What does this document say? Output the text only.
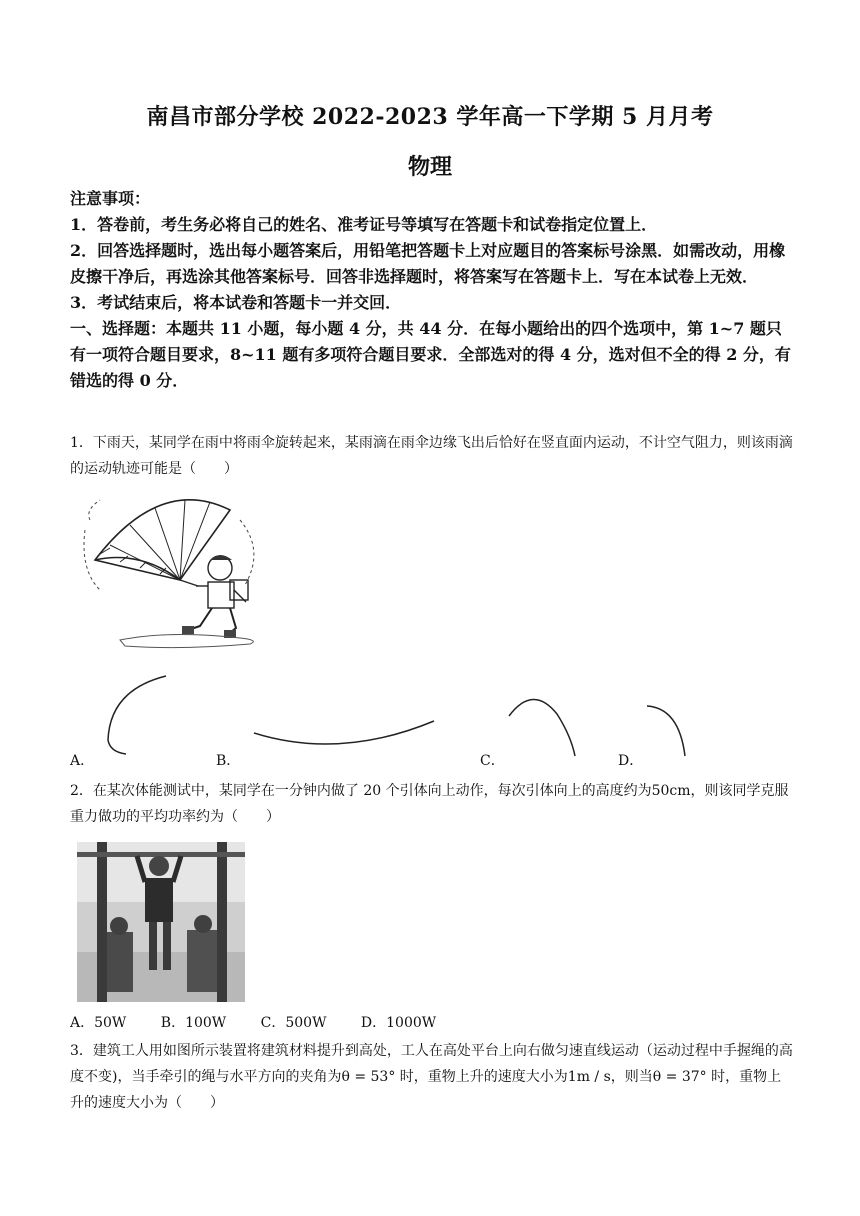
南昌市部分学校 2022-2023 学年高一下学期 5 月月考
物理

注意事项：

1．答卷前，考生务必将自己的姓名、准考证号等填写在答题卡和试卷指定位置上．

2．回答选择题时，选出每小题答案后，用铅笔把答题卡上对应题目的答案标号涂黑．如需改动，用橡皮擦干净后，再选涂其他答案标号．回答非选择题时，将答案写在答题卡上．写在本试卷上无效．

3．考试结束后，将本试卷和答题卡一并交回．

一、选择题：本题共 11 小题，每小题 4 分，共 44 分．在每小题给出的四个选项中，第 1~7 题只有一项符合题目要求，8~11 题有多项符合题目要求．全部选对的得 4 分，选对但不全的得 2 分，有错选的得 0 分．

1．下雨天，某同学在雨中将雨伞旋转起来，某雨滴在雨伞边缘飞出后恰好在竖直面内运动，不计空气阻力，则该雨滴的运动轨迹可能是（　　）

A．	B．	C．	D．

2．在某次体能测试中，某同学在一分钟内做了 20 个引体向上动作，每次引体向上的高度约为50cm，则该同学克服重力做功的平均功率约为（　　）

A．50W B．100W C．500W D．1000W

3．建筑工人用如图所示装置将建筑材料提升到高处，工人在高处平台上向右做匀速直线运动（运动过程中手握绳的高度不变)，当手牵引的绳与水平方向的夹角为θ = 53° 时，重物上升的速度大小为1m / s，则当θ = 37° 时，重物上升的速度大小为（　　）
